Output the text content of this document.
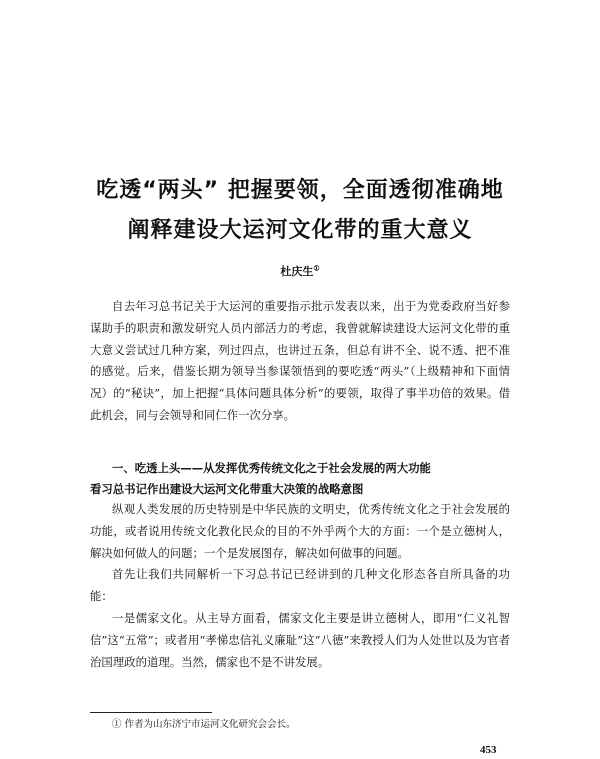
吃透“两头” 把握要领，全面透彻准确地
阐释建设大运河文化带的重大意义
杜庆生①

自去年习总书记关于大运河的重要指示批示发表以来，出于为党委政府当好参谋助手的职责和激发研究人员内部活力的考虑，我曾就解读建设大运河文化带的重大意义尝试过几种方案，列过四点，也讲过五条，但总有讲不全、说不透、把不准的感觉。后来，借鉴长期为领导当参谋领悟到的要吃透“两头”（上级精神和下面情况）的“秘诀”，加上把握“具体问题具体分析”的要领，取得了事半功倍的效果。借此机会，同与会领导和同仁作一次分享。

一、吃透上头——从发挥优秀传统文化之于社会发展的两大功能

看习总书记作出建设大运河文化带重大决策的战略意图

纵观人类发展的历史特别是中华民族的文明史，优秀传统文化之于社会发展的功能，或者说用传统文化教化民众的目的不外乎两个大的方面：一个是立德树人，解决如何做人的问题；一个是发展图存，解决如何做事的问题。

首先让我们共同解析一下习总书记已经讲到的几种文化形态各自所具备的功能：

一是儒家文化。从主导方面看，儒家文化主要是讲立德树人，即用“仁义礼智信”这“五常”；或者用“孝悌忠信礼义廉耻”这“八德”来教授人们为人处世以及为官者治国理政的道理。当然，儒家也不是不讲发展。

① 作者为山东济宁市运河文化研究会会长。
453
